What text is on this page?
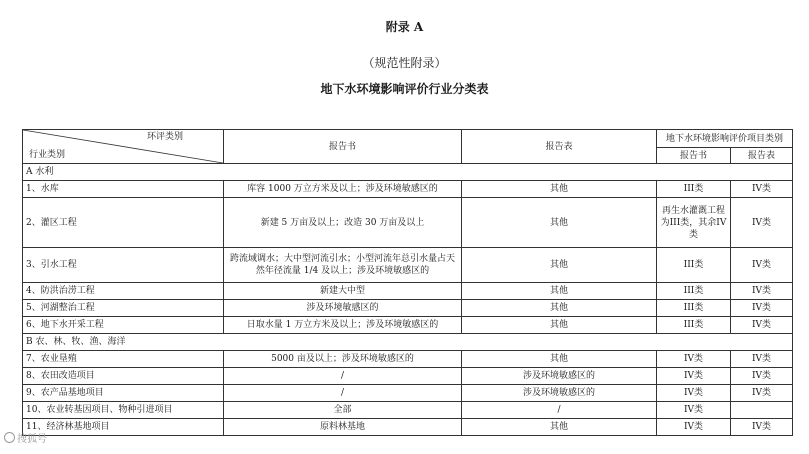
附录 A
（规范性附录）
地下水环境影响评价行业分类表
环评类别
行业类别	报告书	报告表	地下水环境影响评价项目类别	
			报告书	报告表
A 水利				
1、水库	库容 1000 万立方米及以上；涉及环境敏感区的	其他	III类	IV类
2、灌区工程	新建 5 万亩及以上；改造 30 万亩及以上	其他	再生水灌溉工程为III类，其余IV类	IV类
3、引水工程	跨流域调水；大中型河流引水；小型河流年总引水量占天然年径流量 1/4 及以上；涉及环境敏感区的	其他	III类	IV类
4、防洪治涝工程	新建大中型	其他	III类	IV类
5、河湖整治工程	涉及环境敏感区的	其他	III类	IV类
6、地下水开采工程	日取水量 1 万立方米及以上；涉及环境敏感区的	其他	III类	IV类
B 农、林、牧、渔、海洋				
7、农业垦殖	5000 亩及以上；涉及环境敏感区的	其他	IV类	IV类
8、农田改造项目	/	涉及环境敏感区的	IV类	IV类
9、农产品基地项目	/	涉及环境敏感区的	IV类	IV类
10、农业转基因项目、物种引进项目	全部	/	IV类	
11、经济林基地项目	原料林基地	其他	IV类	IV类
搜狐号
